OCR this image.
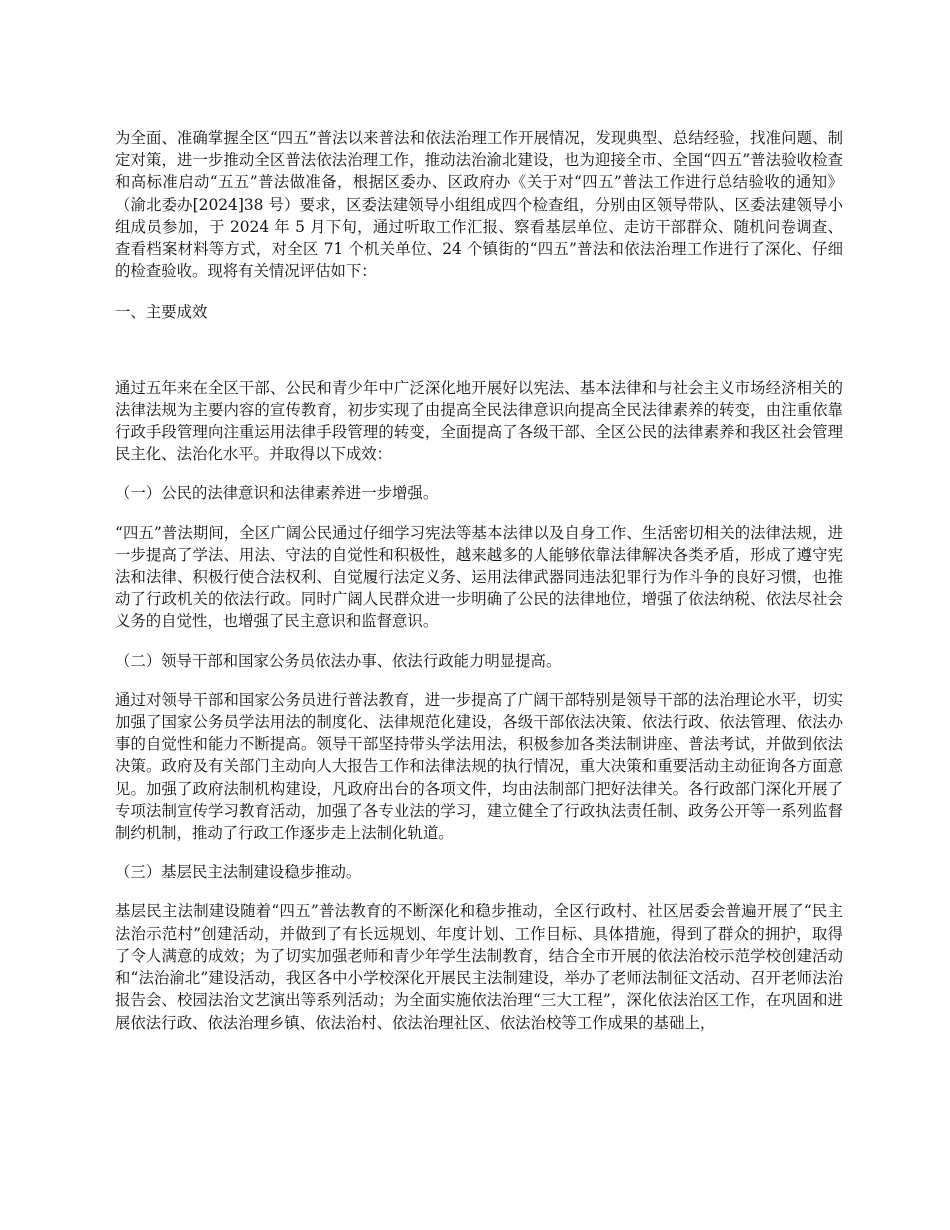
为全面、准确掌握全区“四五”普法以来普法和依法治理工作开展情况，发现典型、总结经验，找准问题、制定对策，进一步推动全区普法依法治理工作，推动法治渝北建设，也为迎接全市、全国“四五”普法验收检查和高标准启动“五五”普法做准备，根据区委办、区政府办《关于对“四五”普法工作进行总结验收的通知》（渝北委办[2024]38 号）要求，区委法建领导小组组成四个检查组，分别由区领导带队、区委法建领导小组成员参加，于 2024 年 5 月下旬，通过听取工作汇报、察看基层单位、走访干部群众、随机问卷调查、查看档案材料等方式，对全区 71 个机关单位、24 个镇街的“四五”普法和依法治理工作进行了深化、仔细的检查验收。现将有关情况评估如下：

一、主要成效

通过五年来在全区干部、公民和青少年中广泛深化地开展好以宪法、基本法律和与社会主义市场经济相关的法律法规为主要内容的宣传教育，初步实现了由提高全民法律意识向提高全民法律素养的转变，由注重依靠行政手段管理向注重运用法律手段管理的转变，全面提高了各级干部、全区公民的法律素养和我区社会管理民主化、法治化水平。并取得以下成效：

（一）公民的法律意识和法律素养进一步增强。

“四五”普法期间，全区广阔公民通过仔细学习宪法等基本法律以及自身工作、生活密切相关的法律法规，进一步提高了学法、用法、守法的自觉性和积极性，越来越多的人能够依靠法律解决各类矛盾，形成了遵守宪法和法律、积极行使合法权利、自觉履行法定义务、运用法律武器同违法犯罪行为作斗争的良好习惯，也推动了行政机关的依法行政。同时广阔人民群众进一步明确了公民的法律地位，增强了依法纳税、依法尽社会义务的自觉性，也增强了民主意识和监督意识。

（二）领导干部和国家公务员依法办事、依法行政能力明显提高。

通过对领导干部和国家公务员进行普法教育，进一步提高了广阔干部特别是领导干部的法治理论水平，切实加强了国家公务员学法用法的制度化、法律规范化建设，各级干部依法决策、依法行政、依法管理、依法办事的自觉性和能力不断提高。领导干部坚持带头学法用法，积极参加各类法制讲座、普法考试，并做到依法决策。政府及有关部门主动向人大报告工作和法律法规的执行情况，重大决策和重要活动主动征询各方面意见。加强了政府法制机构建设，凡政府出台的各项文件，均由法制部门把好法律关。各行政部门深化开展了专项法制宣传学习教育活动，加强了各专业法的学习，建立健全了行政执法责任制、政务公开等一系列监督制约机制，推动了行政工作逐步走上法制化轨道。

（三）基层民主法制建设稳步推动。

基层民主法制建设随着“四五”普法教育的不断深化和稳步推动，全区行政村、社区居委会普遍开展了“民主法治示范村”创建活动，并做到了有长远规划、年度计划、工作目标、具体措施，得到了群众的拥护，取得了令人满意的成效；为了切实加强老师和青少年学生法制教育，结合全市开展的依法治校示范学校创建活动和“法治渝北”建设活动，我区各中小学校深化开展民主法制建设，举办了老师法制征文活动、召开老师法治报告会、校园法治文艺演出等系列活动；为全面实施依法治理“三大工程”，深化依法治区工作，在巩固和进展依法行政、依法治理乡镇、依法治村、依法治理社区、依法治校等工作成果的基础上，
